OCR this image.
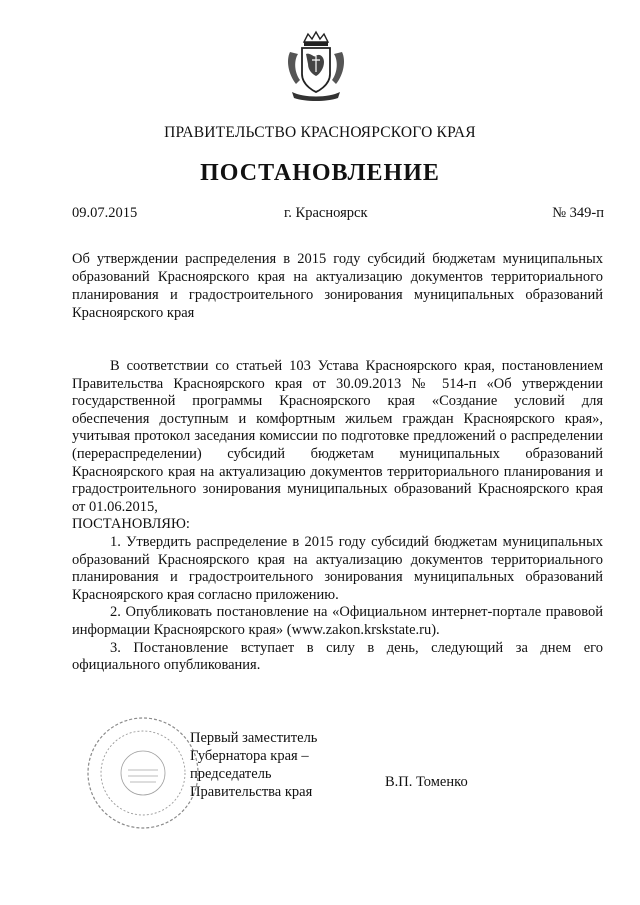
ПРАВИТЕЛЬСТВО КРАСНОЯРСКОГО КРАЯ
ПОСТАНОВЛЕНИЕ
09.07.2015	г. Красноярск	№ 349-п
Об утверждении распределения в 2015 году субсидий бюджетам муниципальных образований Красноярского края на актуализацию документов территориального планирования и градостроительного зонирования муниципальных образований Красноярского края

В соответствии со статьей 103 Устава Красноярского края, постановлением Правительства Красноярского края от 30.09.2013 № 514-п «Об утверждении государственной программы Красноярского края «Создание условий для обеспечения доступным и комфортным жильем граждан Красноярского края», учитывая протокол заседания комиссии по подготовке предложений о распределении (перераспределении) субсидий бюджетам муниципальных образований Красноярского края на актуализацию документов территориального планирования и градостроительного зонирования муниципальных образований Красноярского края от 01.06.2015,

ПОСТАНОВЛЯЮ:

1. Утвердить распределение в 2015 году субсидий бюджетам муниципальных образований Красноярского края на актуализацию документов территориального планирования и градостроительного зонирования муниципальных образований Красноярского края согласно приложению.

2. Опубликовать постановление на «Официальном интернет-портале правовой информации Красноярского края» (www.zakon.krskstate.ru).

3. Постановление вступает в силу в день, следующий за днем его официального опубликования.

Первый заместитель
Губернатора края –
председатель
Правительства края
В.П. Томенко
